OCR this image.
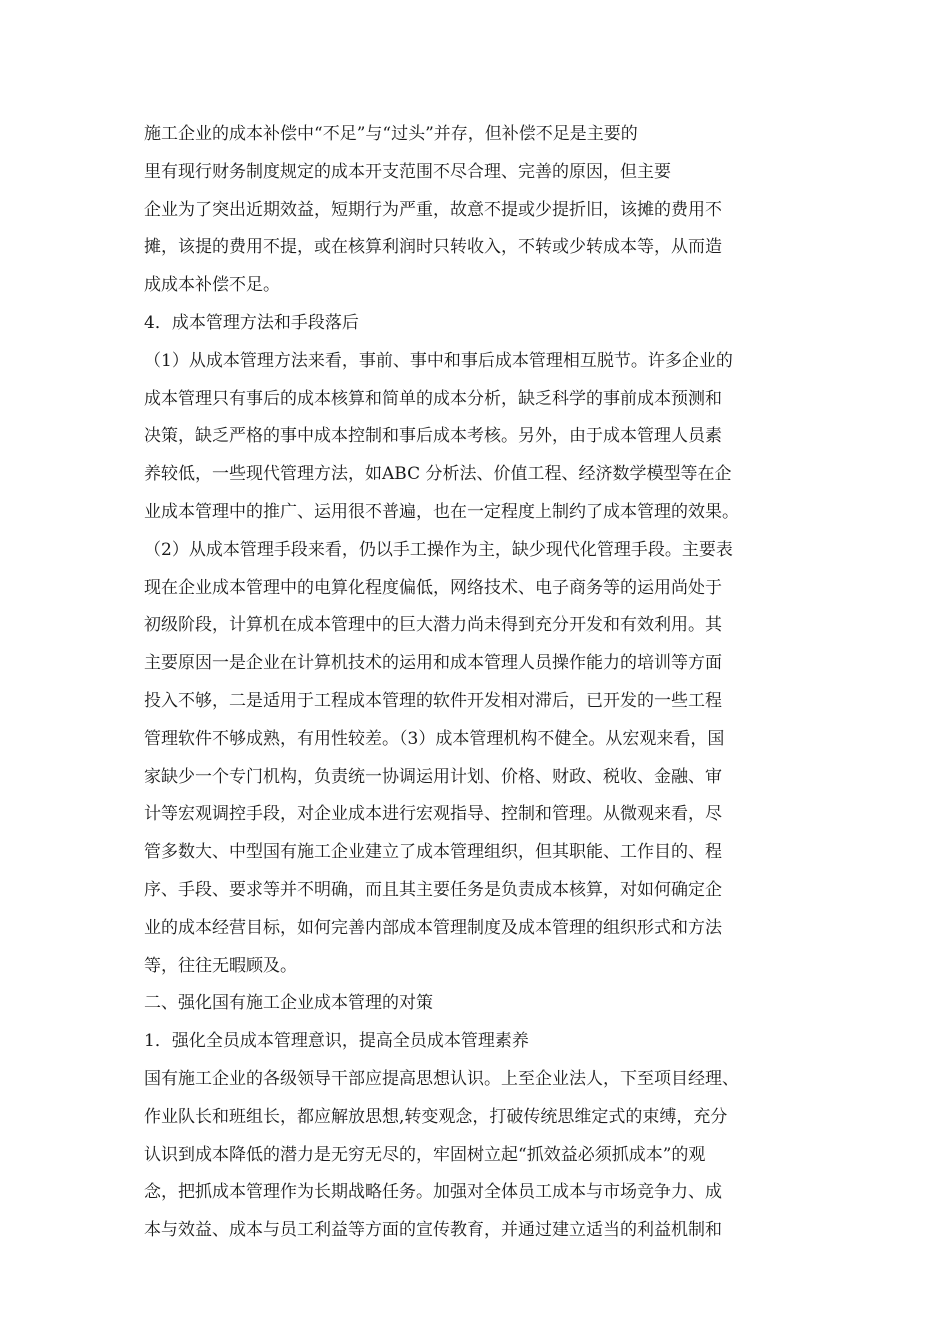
施工企业的成本补偿中“不足”与“过头”并存，但补偿不足是主要的
里有现行财务制度规定的成本开支范围不尽合理、完善的原因，但主要
企业为了突出近期效益，短期行为严重，故意不提或少提折旧，该摊的费用不
摊，该提的费用不提，或在核算利润时只转收入，不转或少转成本等，从而造
成成本补偿不足。
4．成本管理方法和手段落后
（1）从成本管理方法来看，事前、事中和事后成本管理相互脱节。许多企业的
成本管理只有事后的成本核算和简单的成本分析，缺乏科学的事前成本预测和
决策，缺乏严格的事中成本控制和事后成本考核。另外，由于成本管理人员素
养较低，一些现代管理方法，如ABC 分析法、价值工程、经济数学模型等在企
业成本管理中的推广、运用很不普遍，也在一定程度上制约了成本管理的效果。
（2）从成本管理手段来看，仍以手工操作为主，缺少现代化管理手段。主要表
现在企业成本管理中的电算化程度偏低，网络技术、电子商务等的运用尚处于
初级阶段，计算机在成本管理中的巨大潜力尚未得到充分开发和有效利用。其
主要原因一是企业在计算机技术的运用和成本管理人员操作能力的培训等方面
投入不够，二是适用于工程成本管理的软件开发相对滞后，已开发的一些工程
管理软件不够成熟，有用性较差。（3）成本管理机构不健全。从宏观来看，国
家缺少一个专门机构，负责统一协调运用计划、价格、财政、税收、金融、审
计等宏观调控手段，对企业成本进行宏观指导、控制和管理。从微观来看，尽
管多数大、中型国有施工企业建立了成本管理组织，但其职能、工作目的、程
序、手段、要求等并不明确，而且其主要任务是负责成本核算，对如何确定企
业的成本经营目标，如何完善内部成本管理制度及成本管理的组织形式和方法
等，往往无暇顾及。
二、强化国有施工企业成本管理的对策
1．强化全员成本管理意识，提高全员成本管理素养
国有施工企业的各级领导干部应提高思想认识。上至企业法人，下至项目经理、
作业队长和班组长，都应解放思想,转变观念，打破传统思维定式的束缚，充分
认识到成本降低的潜力是无穷无尽的，牢固树立起“抓效益必须抓成本”的观
念，把抓成本管理作为长期战略任务。加强对全体员工成本与市场竞争力、成
本与效益、成本与员工利益等方面的宣传教育，并通过建立适当的利益机制和
